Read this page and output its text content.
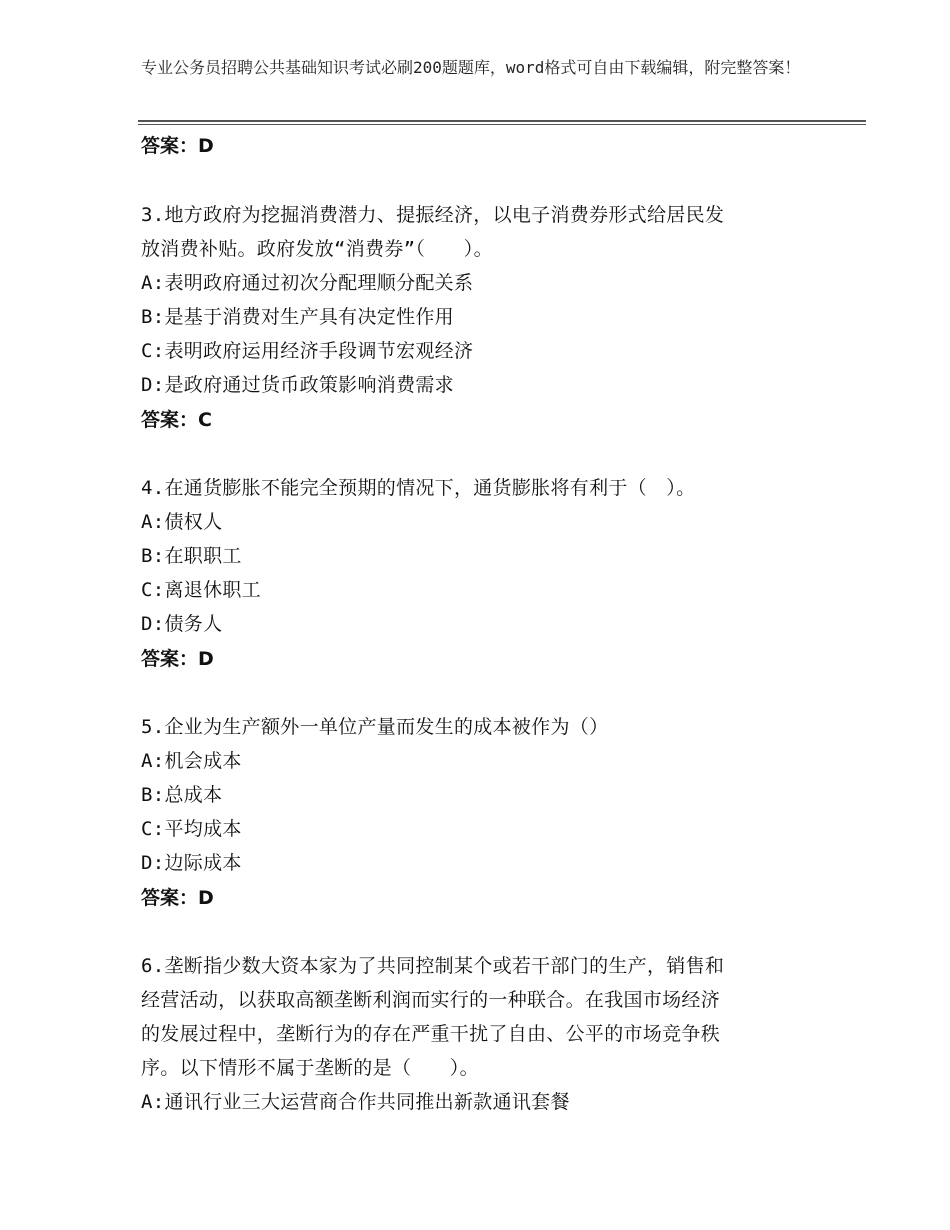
专业公务员招聘公共基础知识考试必刷200题题库，word格式可自由下载编辑，附完整答案！
答案：D
3.地方政府为挖掘消费潜力、提振经济，以电子消费券形式给居民发
放消费补贴。政府发放“消费券”（　　）。
A:表明政府通过初次分配理顺分配关系
B:是基于消费对生产具有决定性作用
C:表明政府运用经济手段调节宏观经济
D:是政府通过货币政策影响消费需求
答案：C
4.在通货膨胀不能完全预期的情况下，通货膨胀将有利于（　）。
A:债权人
B:在职职工
C:离退休职工
D:债务人
答案：D
5.企业为生产额外一单位产量而发生的成本被作为（）
A:机会成本
B:总成本
C:平均成本
D:边际成本
答案：D
6.垄断指少数大资本家为了共同控制某个或若干部门的生产，销售和
经营活动，以获取高额垄断利润而实行的一种联合。在我国市场经济
的发展过程中，垄断行为的存在严重干扰了自由、公平的市场竞争秩
序。以下情形不属于垄断的是（　　）。
A:通讯行业三大运营商合作共同推出新款通讯套餐
